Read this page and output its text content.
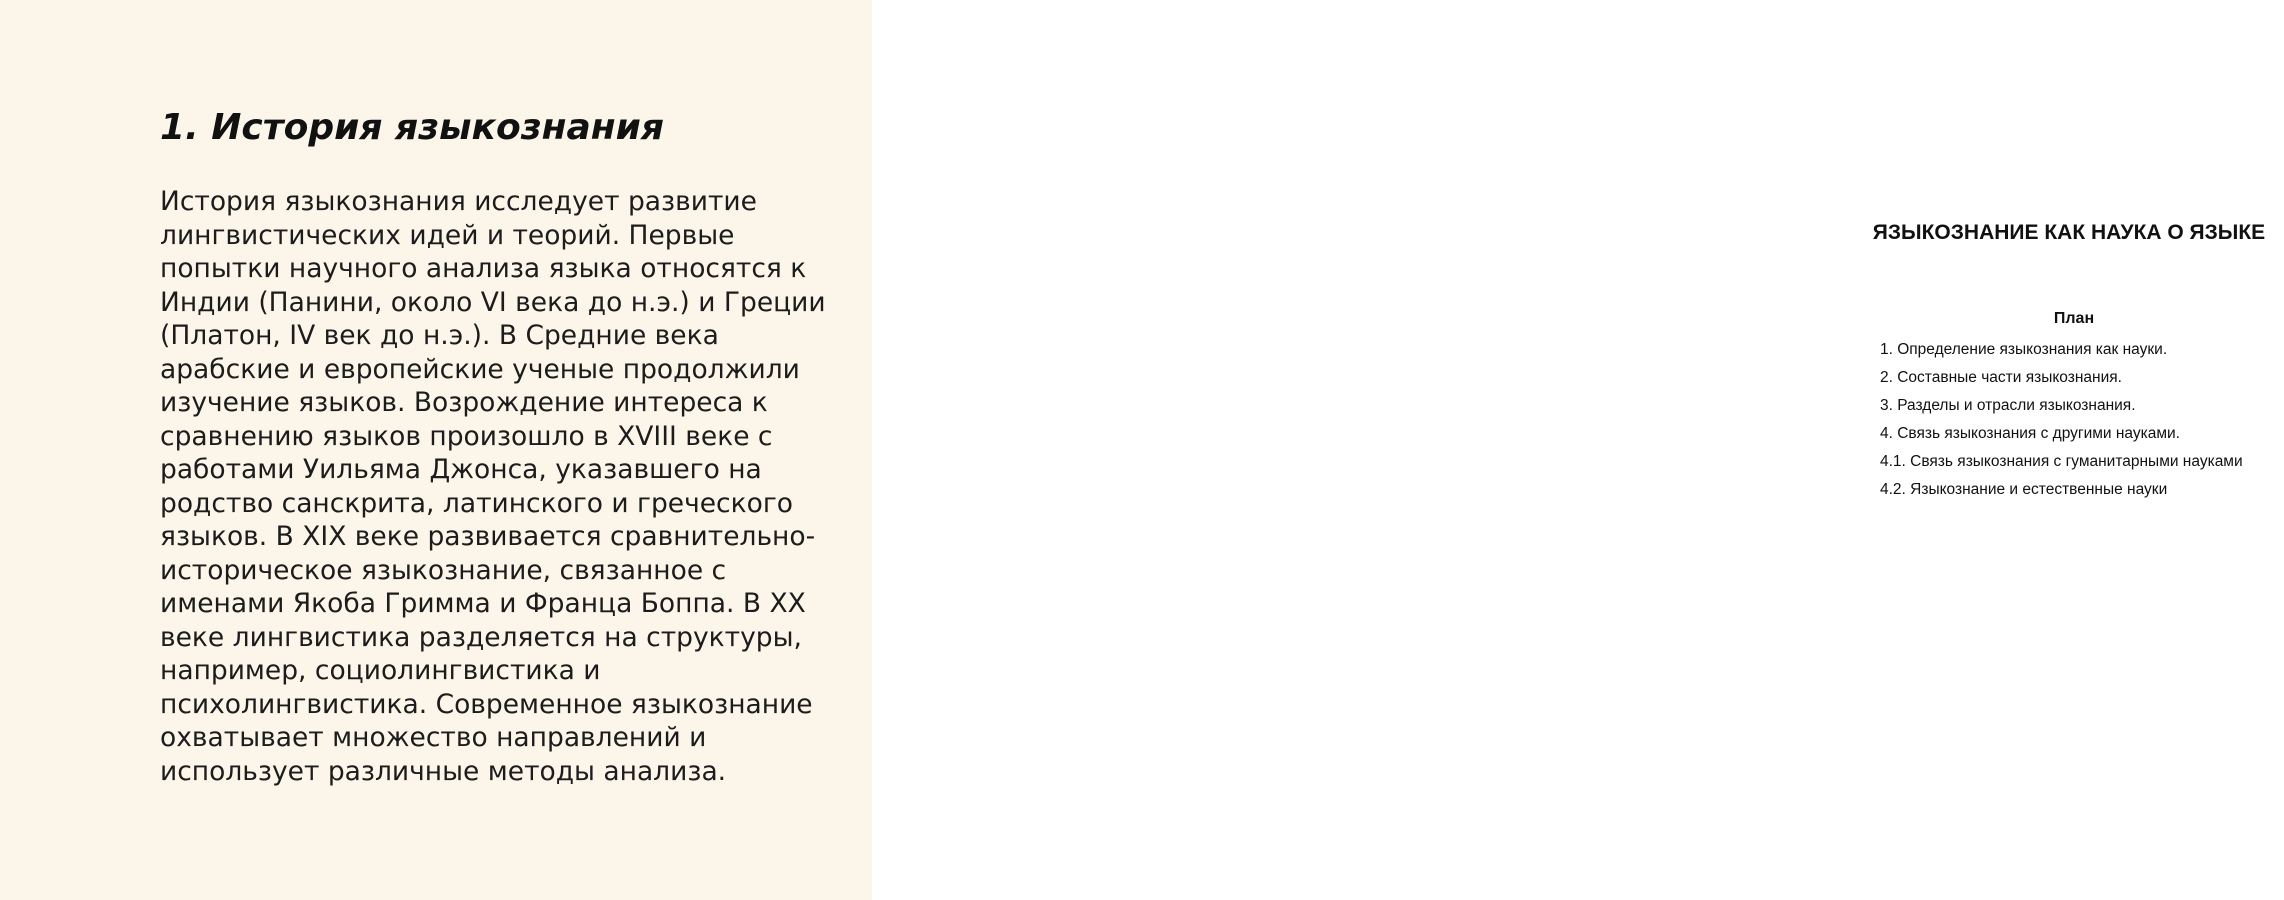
1. История языкознания

История языкознания исследует развитие лингвистических идей и теорий. Первые попытки научного анализа языка относятся к Индии (Панини, около VI века до н.э.) и Греции (Платон, IV век до н.э.). В Средние века арабские и европейские ученые продолжили изучение языков. Возрождение интереса к сравнению языков произошло в XVIII веке с работами Уильяма Джонса, указавшего на родство санскрита, латинского и греческого языков. В XIX веке развивается сравнительно-историческое языкознание, связанное с именами Якоба Гримма и Франца Боппа. В XX веке лингвистика разделяется на структуры, например, социолингвистика и психолингвистика. Современное языкознание охватывает множество направлений и использует различные методы анализа.

ЯЗЫКОЗНАНИЕ КАК НАУКА О ЯЗЫКЕ
План
1. Определение языкознания как науки.
2. Составные части языкознания.
3. Разделы и отрасли языкознания.
4. Связь языкознания с другими науками.
4.1. Связь языкознания с гуманитарными науками
4.2. Языкознание и естественные науки
